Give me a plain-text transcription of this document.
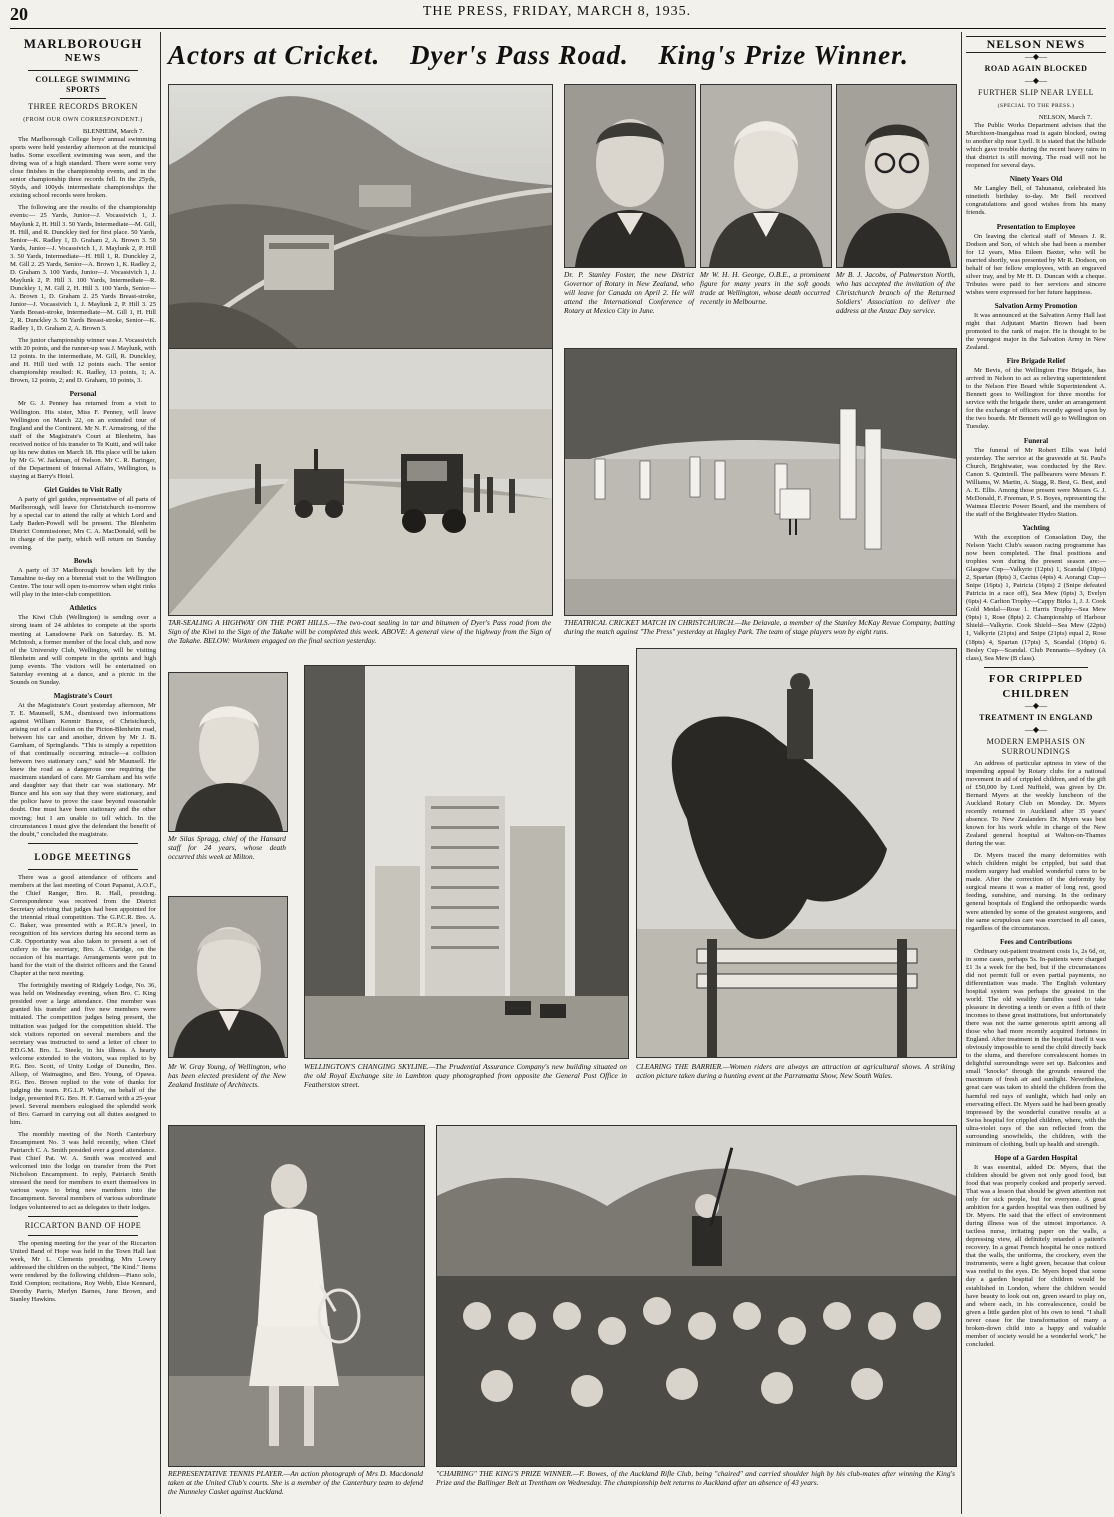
20	THE PRESS, FRIDAY, MARCH 8, 1935.
MARLBOROUGH
NEWS
COLLEGE SWIMMING
SPORTS
THREE RECORDS BROKEN
(FROM OUR OWN CORRESPONDENT.)
BLENHEIM, March 7.

The Marlborough College boys' annual swimming sports were held yesterday afternoon at the municipal baths. Some excellent swimming was seen, and the diving was of a high standard. There were some very close finishes in the championship events, and in the senior championship three records fell. In the 25yds, 50yds, and 100yds intermediate championships the existing school records were broken.

The following are the results of the championship events:— 25 Yards, Junior—J. Vocassivich 1, J. Maylunk 2, H. Hill 3. 50 Yards, Intermediate—M. Gill, H. Hill, and R. Dunckley tied for first place. 50 Yards, Senior—K. Radley 1, D. Graham 2, A. Brown 3. 50 Yards, Junior—J. Vocassivich 1, J. Maylunk 2, P. Hill 3. 50 Yards, Intermediate—H. Hill 1, R. Dunckley 2, M. Gill 2. 25 Yards, Senior—A. Brown 1, K. Radley 2, D. Graham 3. 100 Yards, Junior—J. Vocassivich 1, J. Maylunk 2, P. Hill 3. 100 Yards, Intermediate—R. Dunckley 1, M. Gill 2, H. Hill 3. 100 Yards, Senior—A. Brown 1, D. Graham 2. 25 Yards Breast-stroke, Junior—J. Vocassivich 1, J. Maylunk 2, P. Hill 3. 25 Yards Breast-stroke, Intermediate—M. Gill 1, H. Hill 2, R. Dunckley 3. 50 Yards Breast-stroke, Senior—K. Radley 1, D. Graham 2, A. Brown 3.

The junior championship winner was J. Vocassivich with 20 points, and the runner-up was J. Maylunk, with 12 points. In the intermediate, M. Gill, R. Dunckley, and H. Hill tied with 12 points each. The senior championship resulted: K. Radley, 13 points, 1; A. Brown, 12 points, 2; and D. Graham, 10 points, 3.

Personal

Mr G. J. Penney has returned from a visit to Wellington. His sister, Miss F. Penney, will leave Wellington on March 22, on an extended tour of England and the Continent. Mr N. F. Armstrong, of the staff of the Magistrate's Court at Blenheim, has received notice of his transfer to Te Kuiti, and will take up his new duties on March 18. His place will be taken by Mr G. W. Jackman, of Nelson. Mr C. R. Baringer, of the Department of Internal Affairs, Wellington, is staying at Barry's Hotel.

Girl Guides to Visit Rally

A party of girl guides, representative of all parts of Marlborough, will leave for Christchurch to-morrow by a special car to attend the rally at which Lord and Lady Baden-Powell will be present. The Blenheim District Commissioner, Mrs C. A. MacDonald, will be in charge of the party, which will return on Sunday evening.

Bowls

A party of 37 Marlborough bowlers left by the Tamahine to-day on a biennial visit to the Wellington Centre. The tour will open to-morrow when eight rinks will play in the inter-club competition.

Athletics

The Kiwi Club (Wellington) is sending over a strong team of 24 athletes to compete at the sports meeting at Lansdowne Park on Saturday. B. M. McIntosh, a former member of the local club, and now of the University Club, Wellington, will be visiting Blenheim and will compete in the sprints and high jump events. The visitors will be entertained on Saturday evening at a dance, and a picnic in the Sounds on Sunday.

Magistrate's Court

At the Magistrate's Court yesterday afternoon, Mr T. E. Maunsell, S.M., dismissed two informations against William Kenmir Bunce, of Christchurch, arising out of a collision on the Picton-Blenheim road, between his car and another, driven by Mr J. B. Garnham, of Springlands. "This is simply a repetition of that continually occurring miracle—a collision between two stationary cars," said Mr Maunsell. He knew the road as a dangerous one requiring the maximum standard of care. Mr Garnham and his wife and daughter say that their car was stationary. Mr Bunce and his son say that they were stationary, and the police have to prove the case beyond reasonable doubt. One must have been stationary and the other moving; but I am unable to tell which. In the circumstances I must give the defendant the benefit of the doubt," concluded the magistrate.

LODGE MEETINGS

There was a good attendance of officers and members at the last meeting of Court Papanui, A.O.F., the Chief Ranger, Bro. R. Hall, presiding. Correspondence was received from the District Secretary advising that judges had been appointed for the triennial ritual competition. The G.P.C.R. Bro. A. C. Baker, was presented with a P.C.R.'s jewel, in recognition of his services during his second term as C.R. Opportunity was also taken to present a set of cutlery to the secretary, Bro. A. Claridge, on the occasion of his marriage. Arrangements were put in hand for the visit of the district officers and the Grand Chapter at the next meeting.

The fortnightly meeting of Ridgely Lodge, No. 36, was held on Wednesday evening, when Bro. C. King presided over a large attendance. One member was granted his transfer and five new members were initiated. The competition judges being present, the initiation was judged for the competition shield. The sick visitors reported on several members and the secretary was instructed to send a letter of cheer to P.D.G.M. Bro. L. Steele, in his illness. A hearty welcome extended to the visitors, was replied to by P.G. Bro. Scott, of Unity Lodge of Dunedin, Bro. Allsop, of Waimagino, and Bro. Young, of Opawa. P.G. Bro. Brown replied to the vote of thanks for judging the team. P.G.L.P. White, on behalf of the lodge, presented P.G. Bro. H. F. Garrard with a 25-year jewel. Several members eulogised the splendid work of Bro. Garrard in carrying out all duties assigned to him.

The monthly meeting of the North Canterbury Encampment No. 3 was held recently, when Chief Patriarch C. A. Smith presided over a good attendance. Past Chief Pat. W. A. Smith was received and welcomed into the lodge on transfer from the Port Nicholson Encampment. In reply, Patriarch Smith stressed the need for members to exert themselves in various ways to bring new members into the Encampment. Several members of various subordinate lodges volunteered to act as delegates to their lodges.

RICCARTON BAND OF HOPE

The opening meeting for the year of the Riccarton United Band of Hope was held in the Town Hall last week, Mr L. Clements presiding. Mrs Lowry addressed the children on the subject, "Be Kind." Items were rendered by the following children—Piano solo, Enid Compton; recitations, Roy Webb, Elsie Kennard, Dorothy Parris, Merlyn Barnes, June Brown, and Stanley Hawkins.

NELSON NEWS
—◆—
ROAD AGAIN BLOCKED
—◆—
FURTHER SLIP NEAR LYELL
(SPECIAL TO THE PRESS.)
NELSON, March 7.

The Public Works Department advises that the Murchison-Inangahua road is again blocked, owing to another slip near Lyell. It is stated that the hillside which gave trouble during the recent heavy rains in that district is still moving. The road will not be reopened for several days.

Ninety Years Old

Mr Langley Bell, of Tahunanui, celebrated his ninetieth birthday to-day. Mr Bell received congratulations and good wishes from his many friends.

Presentation to Employee

On leaving the clerical staff of Messrs J. R. Dodson and Son, of which she had been a member for 12 years, Miss Eileen Baxter, who will be married shortly, was presented by Mr R. Dodson, on behalf of her fellow employees, with an engraved silver tray, and by Mr H. D. Duncan with a cheque. Tributes were paid to her services and sincere wishes were expressed for her future happiness.

Salvation Army Promotion

It was announced at the Salvation Army Hall last night that Adjutant Martin Brown had been promoted to the rank of major. He is thought to be the youngest major in the Salvation Army in New Zealand.

Fire Brigade Relief

Mr Bevis, of the Wellington Fire Brigade, has arrived in Nelson to act as relieving superintendent to the Nelson Fire Board while Superintendent A. Bennett goes to Wellington for three months for service with the brigade there, under an arrangement for the exchange of officers recently agreed upon by the two boards. Mr Bennett will go to Wellington on Tuesday.

Funeral

The funeral of Mr Robert Ellis was held yesterday. The service at the graveside at St. Paul's Church, Brightwater, was conducted by the Rev. Canon S. Quintrell. The pallbearers were Messrs F. Williams, W. Martin, A. Stagg, R. Best, G. Best, and A. E. Ellis. Among those present were Messrs G. J. McDonald, F. Freeman, P. S. Boyes, representing the Waimea Electric Power Board, and the members of the staff of the Brightwater Hydro Station.

Yachting

With the exception of Consolation Day, the Nelson Yacht Club's season racing programme has now been completed. The final positions and trophies won during the present season are:— Glasgow Cup—Valkyrie (12pts) 1, Scandal (10pts) 2, Spartan (8pts) 3, Cactus (4pts) 4. Aorangi Cup—Snipe (16pts) 1, Patricia (16pts) 2 (Snipe defeated Patricia in a race off), Sea Mew (6pts) 3, Evelyn (6pts) 4. Carlton Trophy—Cappy Birks 1, J. J. Cook Gold Medal—Rose 1. Harris Trophy—Sea Mew (9pts) 1, Rose (8pts) 2. Championship of Harbour Shield—Valkyrie. Cook Shield—Sea Mew (22pts) 1, Valkyrie (21pts) and Snipe (21pts) equal 2, Rose (18pts) 4, Spartan (17pts) 5, Scandal (16pts) 6. Besley Cup—Scandal. Club Pennants—Sydney (A class), Sea Mew (B class).

FOR CRIPPLED
CHILDREN
—◆—
TREATMENT IN ENGLAND
—◆—
MODERN EMPHASIS ON SURROUNDINGS

An address of particular aptness in view of the impending appeal by Rotary clubs for a national movement in aid of crippled children, and of the gift of £50,000 by Lord Nuffield, was given by Dr. Bernard Myers at the weekly luncheon of the Auckland Rotary Club on Monday. Dr. Myers recently returned to Auckland after 35 years' absence. To New Zealanders Dr. Myers was best known for his work while in charge of the New Zealand general hospital at Walton-on-Thames during the war.

Dr. Myers traced the many deformities with which children might be crippled, but said that modern surgery had enabled wonderful cures to be made. After the correction of the deformity by surgical means it was a matter of long rest, good feeding, sunshine, and nursing. In the ordinary general hospitals of England the orthopaedic wards were attended by some of the greatest surgeons, and the same scrupulous care was exercised in all cases, regardless of the circumstances.

Fees and Contributions

Ordinary out-patient treatment costs 1s, 2s 6d, or, in some cases, perhaps 5s. In-patients were charged £1 3s a week for the bed, but if the circumstances did not permit full or even partial payments, no differentiation was made. The English voluntary hospital system was perhaps the greatest in the world. The old wealthy families used to take pleasure in devoting a tenth or even a fifth of their incomes to these great institutions, but unfortunately there was not the same generous spirit among all those who had more recently acquired fortunes in England. After treatment in the hospital itself it was obviously impossible to send the child directly back to the slums, and therefore convalescent homes in delightful surroundings were set up. Balconies and small "knocks" through the grounds ensured the maximum of fresh air and sunlight. Nevertheless, great care was taken to shield the children from the harmful red rays of sunlight, which had only an enervating effect. Dr. Myers said he had been greatly impressed by the wonderful curative results at a Swiss hospital for crippled children, where, with the ultra-violet rays of the sun reflected from the surrounding snowfields, the children, with the minimum of clothing, built up health and strength.

Hope of a Garden Hospital

It was essential, added Dr. Myers, that the children should be given not only good food, but food that was properly cooked and properly served. That was a lesson that should be given attention not only for sick people, but for everyone. A great ambition for a garden hospital was then outlined by Dr. Myers. He said that the effect of environment during illness was of the utmost importance. A tactless nurse, irritating paper on the walls, a depressing view, all definitely retarded a patient's recovery. In a great French hospital he once noticed that the walls, the uniforms, the crockery, even the instruments, were a light green, because that colour was restful to the eyes. Dr. Myers hoped that some day a garden hospital for children would be established in London, where the children would have beauty to look out on, green sward to play on, and where each, in his convalescence, could be given a little garden plot of his own to tend. "I shall never cease for the transformation of many a broken-down child into a happy and valuable member of society would be a wonderful work," he concluded.

Actors at Cricket. Dyer's Pass Road. King's Prize Winner.
TAR-SEALING A HIGHWAY ON THE PORT HILLS.—The two-coat sealing in tar and bitumen of Dyer's Pass road from the Sign of the Kiwi to the Sign of the Takahe will be completed this week. ABOVE: A general view of the highway from the Sign of the Takahe. BELOW: Workmen engaged on the final section yesterday.
Dr. P. Stanley Foster, the new District Governor of Rotary in New Zealand, who will leave for Canada on April 2. He will attend the International Conference of Rotary at Mexico City in June.
Mr W. H. H. George, O.B.E., a prominent figure for many years in the soft goods trade at Wellington, whose death occurred recently in Melbourne.
Mr B. J. Jacobs, of Palmerston North, who has accepted the invitation of the Christchurch branch of the Returned Soldiers' Association to deliver the address at the Anzac Day service.
THEATRICAL CRICKET MATCH IN CHRISTCHURCH.—Ike Delavale, a member of the Stanley McKay Revue Company, batting during the match against "The Press" yesterday at Hagley Park. The team of stage players won by eight runs.
Mr Silas Spragg, chief of the Hansard staff for 24 years, whose death occurred this week at Milton.
Mr W. Gray Young, of Wellington, who has been elected president of the New Zealand Institute of Architects.
WELLINGTON'S CHANGING SKYLINE.—The Prudential Assurance Company's new building situated on the old Royal Exchange site in Lambton quay photographed from opposite the General Post Office in Featherston street.
CLEARING THE BARRIER.—Women riders are always an attraction at agricultural shows. A striking action picture taken during a hunting event at the Parramatta Show, New South Wales.
REPRESENTATIVE TENNIS PLAYER.—An action photograph of Mrs D. Macdonald taken at the United Club's courts. She is a member of the Canterbury team to defend the Nunneley Casket against Auckland.
"CHAIRING" THE KING'S PRIZE WINNER.—F. Bowes, of the Auckland Rifle Club, being "chaired" and carried shoulder high by his club-mates after winning the King's Prize and the Ballinger Belt at Trentham on Wednesday. The championship belt returns to Auckland after an absence of 43 years.
